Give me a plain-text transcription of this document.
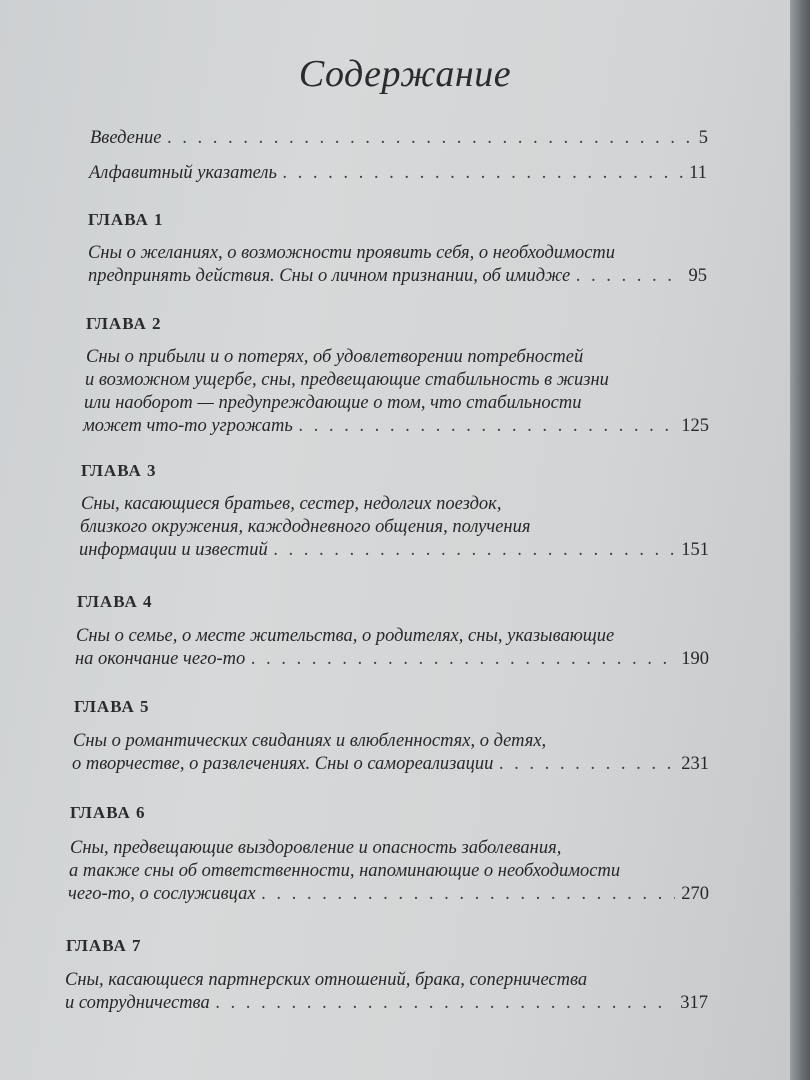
Содержание
Введение . . .	5
Алфавитный указатель . . .	11
ГЛАВА 1
Сны о желаниях, о возможности проявить себя, о необходимости
предпринять действия. Сны о личном признании, об имидже . . .	95
ГЛАВА 2
Сны о прибыли и о потерях, об удовлетворении потребностей
и возможном ущербе, сны, предвещающие стабильность в жизни
или наоборот — предупреждающие о том, что стабильности
может что-то угрожать . . .	125
ГЛАВА 3
Сны, касающиеся братьев, сестер, недолгих поездок,
близкого окружения, каждодневного общения, получения
информации и известий . . .	151
ГЛАВА 4
Сны о семье, о месте жительства, о родителях, сны, указывающие
на окончание чего-то . . .	190
ГЛАВА 5
Сны о романтических свиданиях и влюбленностях, о детях,
о творчестве, о развлечениях. Сны о самореализации . . .	231
ГЛАВА 6
Сны, предвещающие выздоровление и опасность заболевания,
а также сны об ответственности, напоминающие о необходимости
чего-то, о сослуживцах . . .	270
ГЛАВА 7
Сны, касающиеся партнерских отношений, брака, соперничества
и сотрудничества . . .	317
